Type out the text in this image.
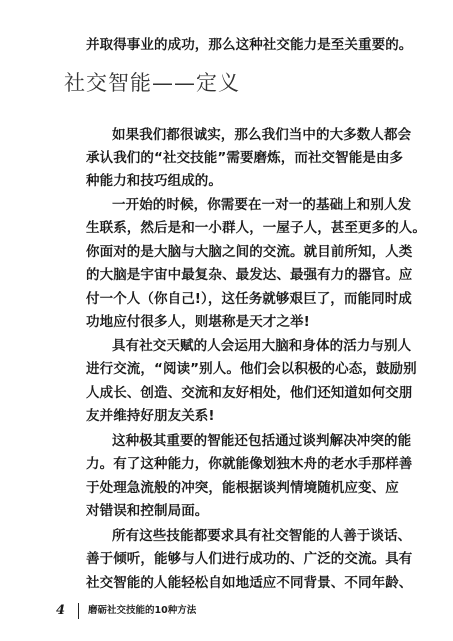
并取得事业的成功，那么这种社交能力是至关重要的。
社交智能——定义
如果我们都很诚实，那么我们当中的大多数人都会
承认我们的“社交技能”需要磨炼，而社交智能是由多
种能力和技巧组成的。
一开始的时候，你需要在一对一的基础上和别人发
生联系，然后是和一小群人，一屋子人，甚至更多的人。
你面对的是大脑与大脑之间的交流。就目前所知，人类
的大脑是宇宙中最复杂、最发达、最强有力的器官。应
付一个人（你自己!），这任务就够艰巨了，而能同时成
功地应付很多人，则堪称是天才之举!
具有社交天赋的人会运用大脑和身体的活力与别人
进行交流，“阅读”别人。他们会以积极的心态，鼓励别
人成长、创造、交流和友好相处，他们还知道如何交朋
友并维持好朋友关系!
这种极其重要的智能还包括通过谈判解决冲突的能
力。有了这种能力，你就能像划独木舟的老水手那样善
于处理急流般的冲突，能根据谈判情境随机应变、应
对错误和控制局面。
所有这些技能都要求具有社交智能的人善于谈话、
善于倾听，能够与人们进行成功的、广泛的交流。具有
社交智能的人能轻松自如地适应不同背景、不同年龄、
4 磨砺社交技能的10种方法
